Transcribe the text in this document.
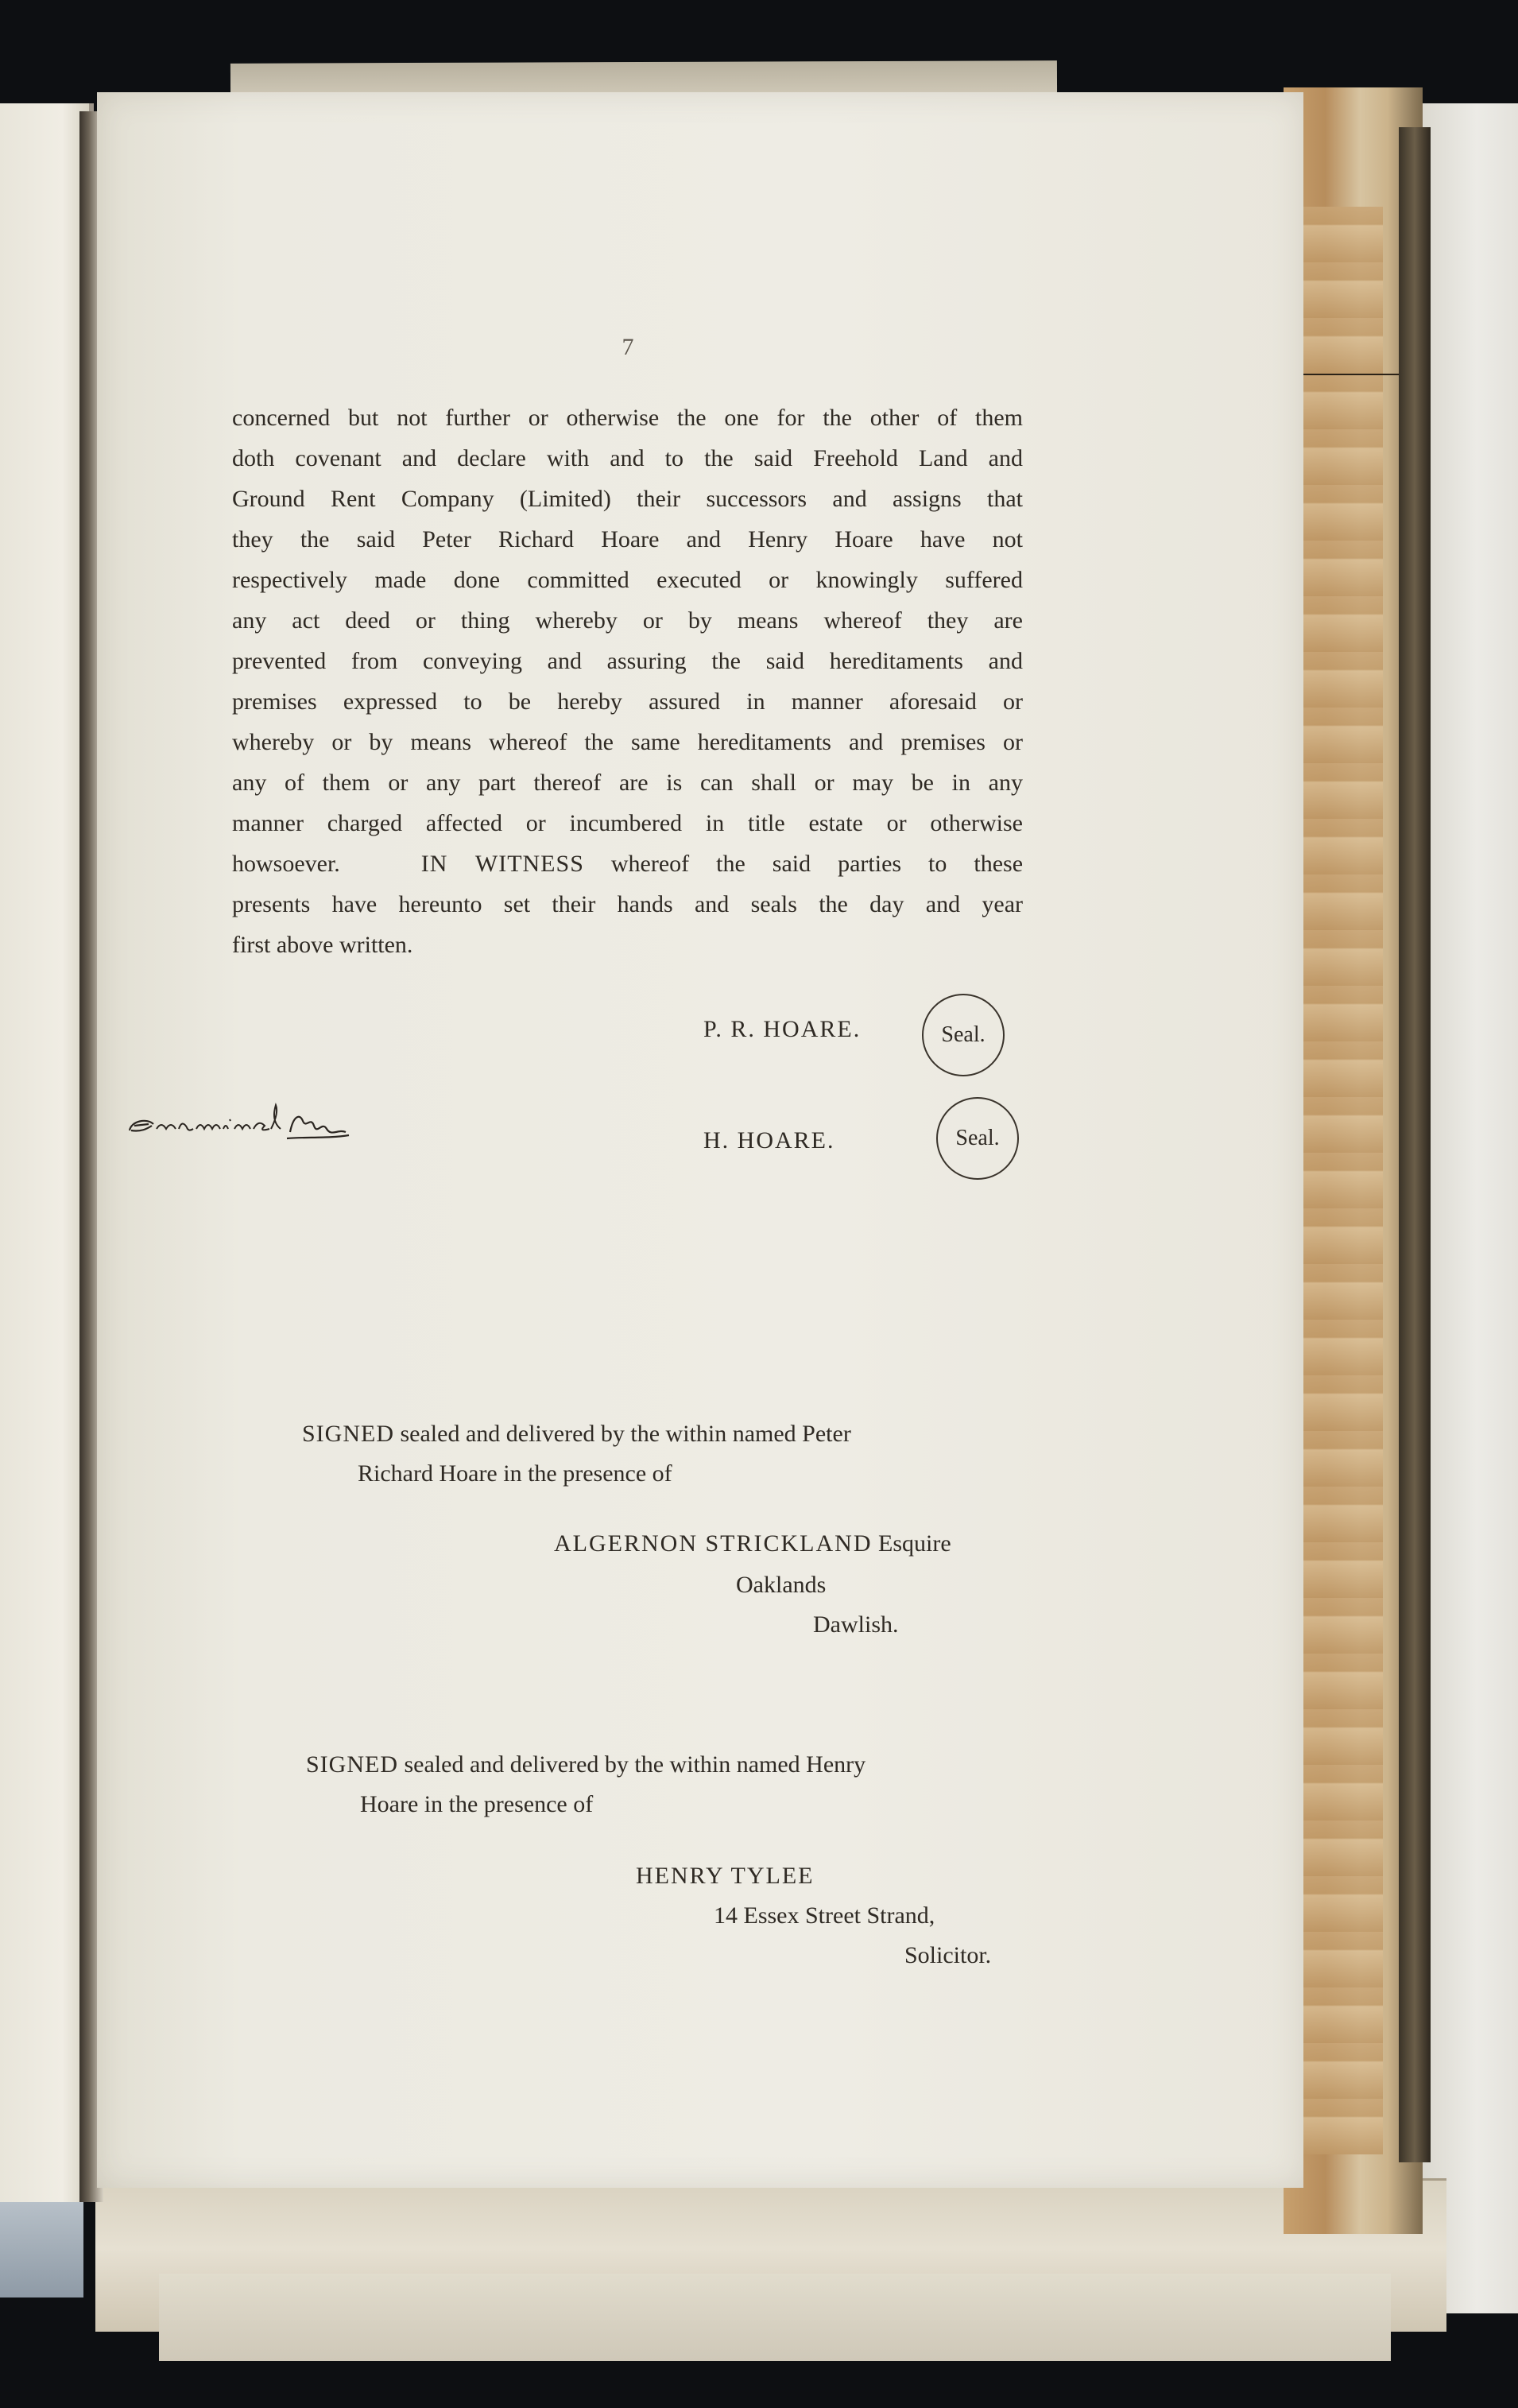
7
concerned but not further or otherwise the one for the other of them
doth covenant and declare with and to the said Freehold Land and
Ground Rent Company (Limited) their successors and assigns that
they the said Peter Richard Hoare and Henry Hoare have not
respectively made done committed executed or knowingly suffered
any act deed or thing whereby or by means whereof they are
prevented from conveying and assuring the said hereditaments and
premises expressed to be hereby assured in manner aforesaid or
whereby or by means whereof the same hereditaments and premises or
any of them or any part thereof are is can shall or may be in any
manner charged affected or incumbered in title estate or otherwise
howsoever.	IN WITNESS whereof the said parties to these
presents have hereunto set their hands and seals the day and year
first above written.
P. R. HOARE.	Seal.
H. HOARE.	Seal.
SIGNED sealed and delivered by the within named Peter
Richard Hoare in the presence of
ALGERNON STRICKLAND Esquire
Oaklands
Dawlish.
SIGNED sealed and delivered by the within named Henry
Hoare in the presence of
HENRY TYLEE
14 Essex Street Strand,
Solicitor.
